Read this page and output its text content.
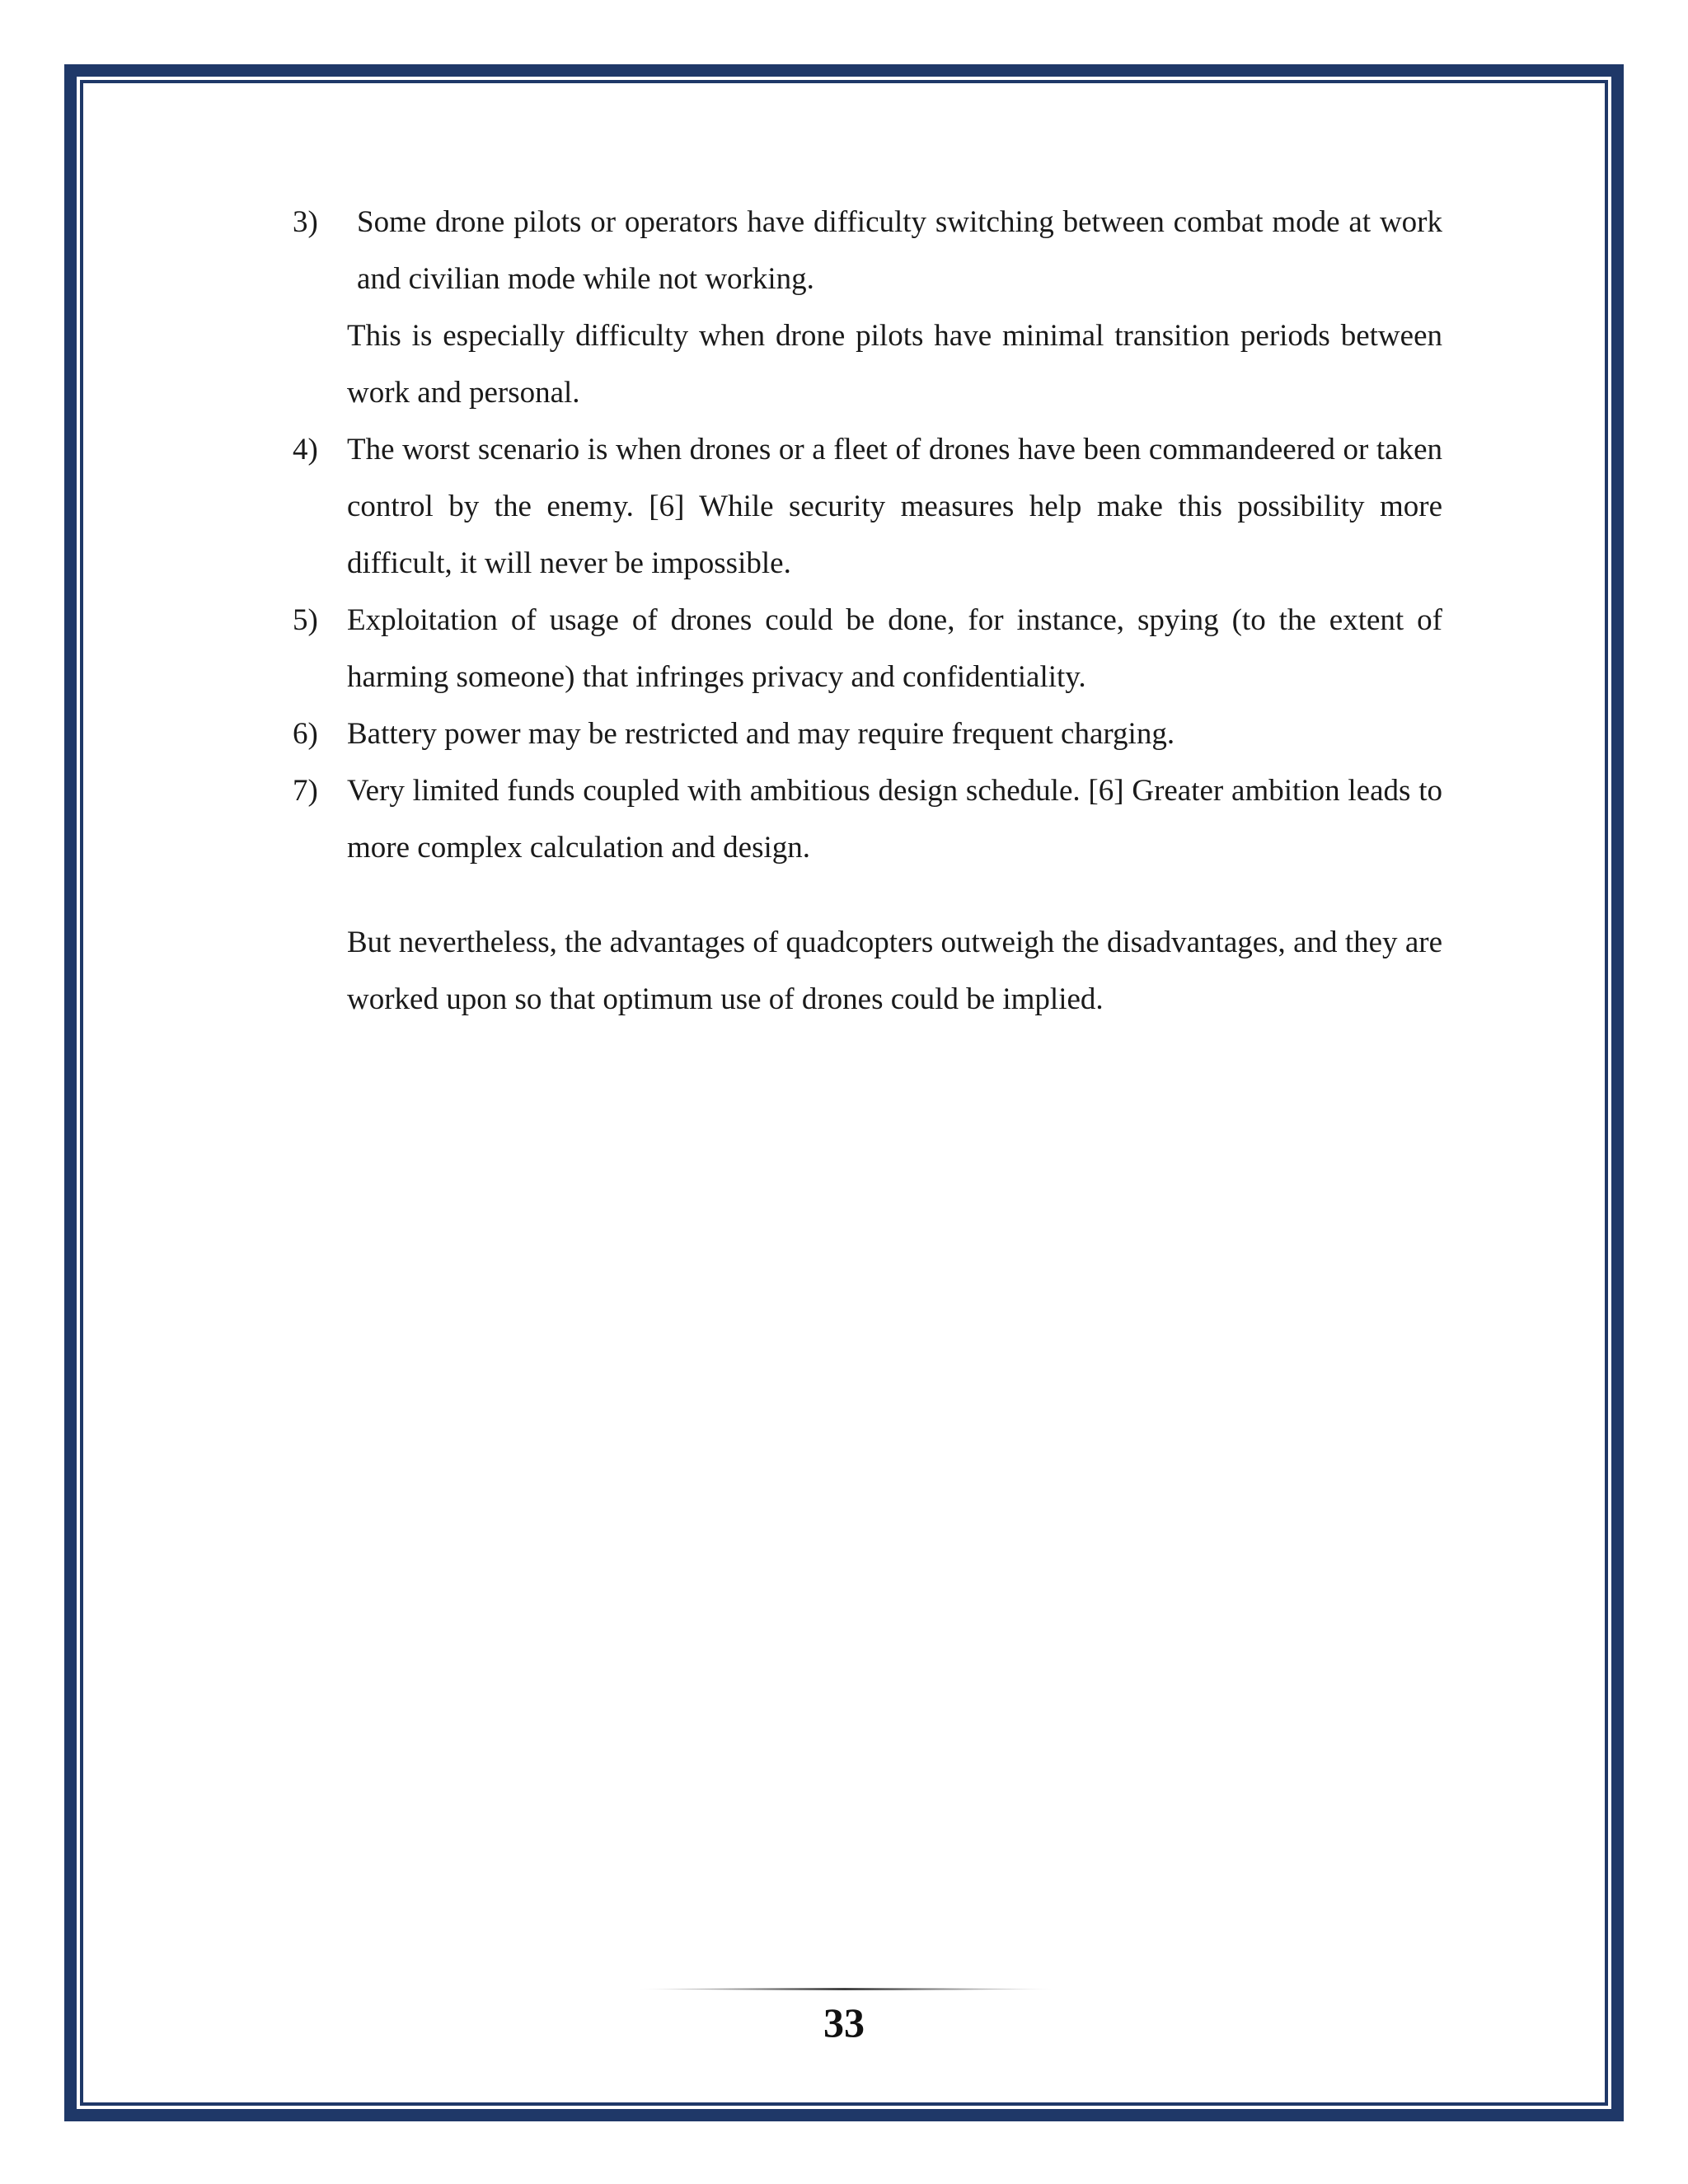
3)	Some drone pilots or operators have difficulty switching between combat mode at work and civilian mode while not working.
This is especially difficulty when drone pilots have minimal transition periods between work and personal.
4) The worst scenario is when drones or a fleet of drones have been commandeered or taken control by the enemy. [6] While security measures help make this possibility more difficult, it will never be impossible.
5) Exploitation of usage of drones could be done, for instance, spying (to the extent of harming someone) that infringes privacy and confidentiality.
6) Battery power may be restricted and may require frequent charging.
7) Very limited funds coupled with ambitious design schedule. [6] Greater ambition leads to more complex calculation and design.
But nevertheless, the advantages of quadcopters outweigh the disadvantages, and they are worked upon so that optimum use of drones could be implied.
33
